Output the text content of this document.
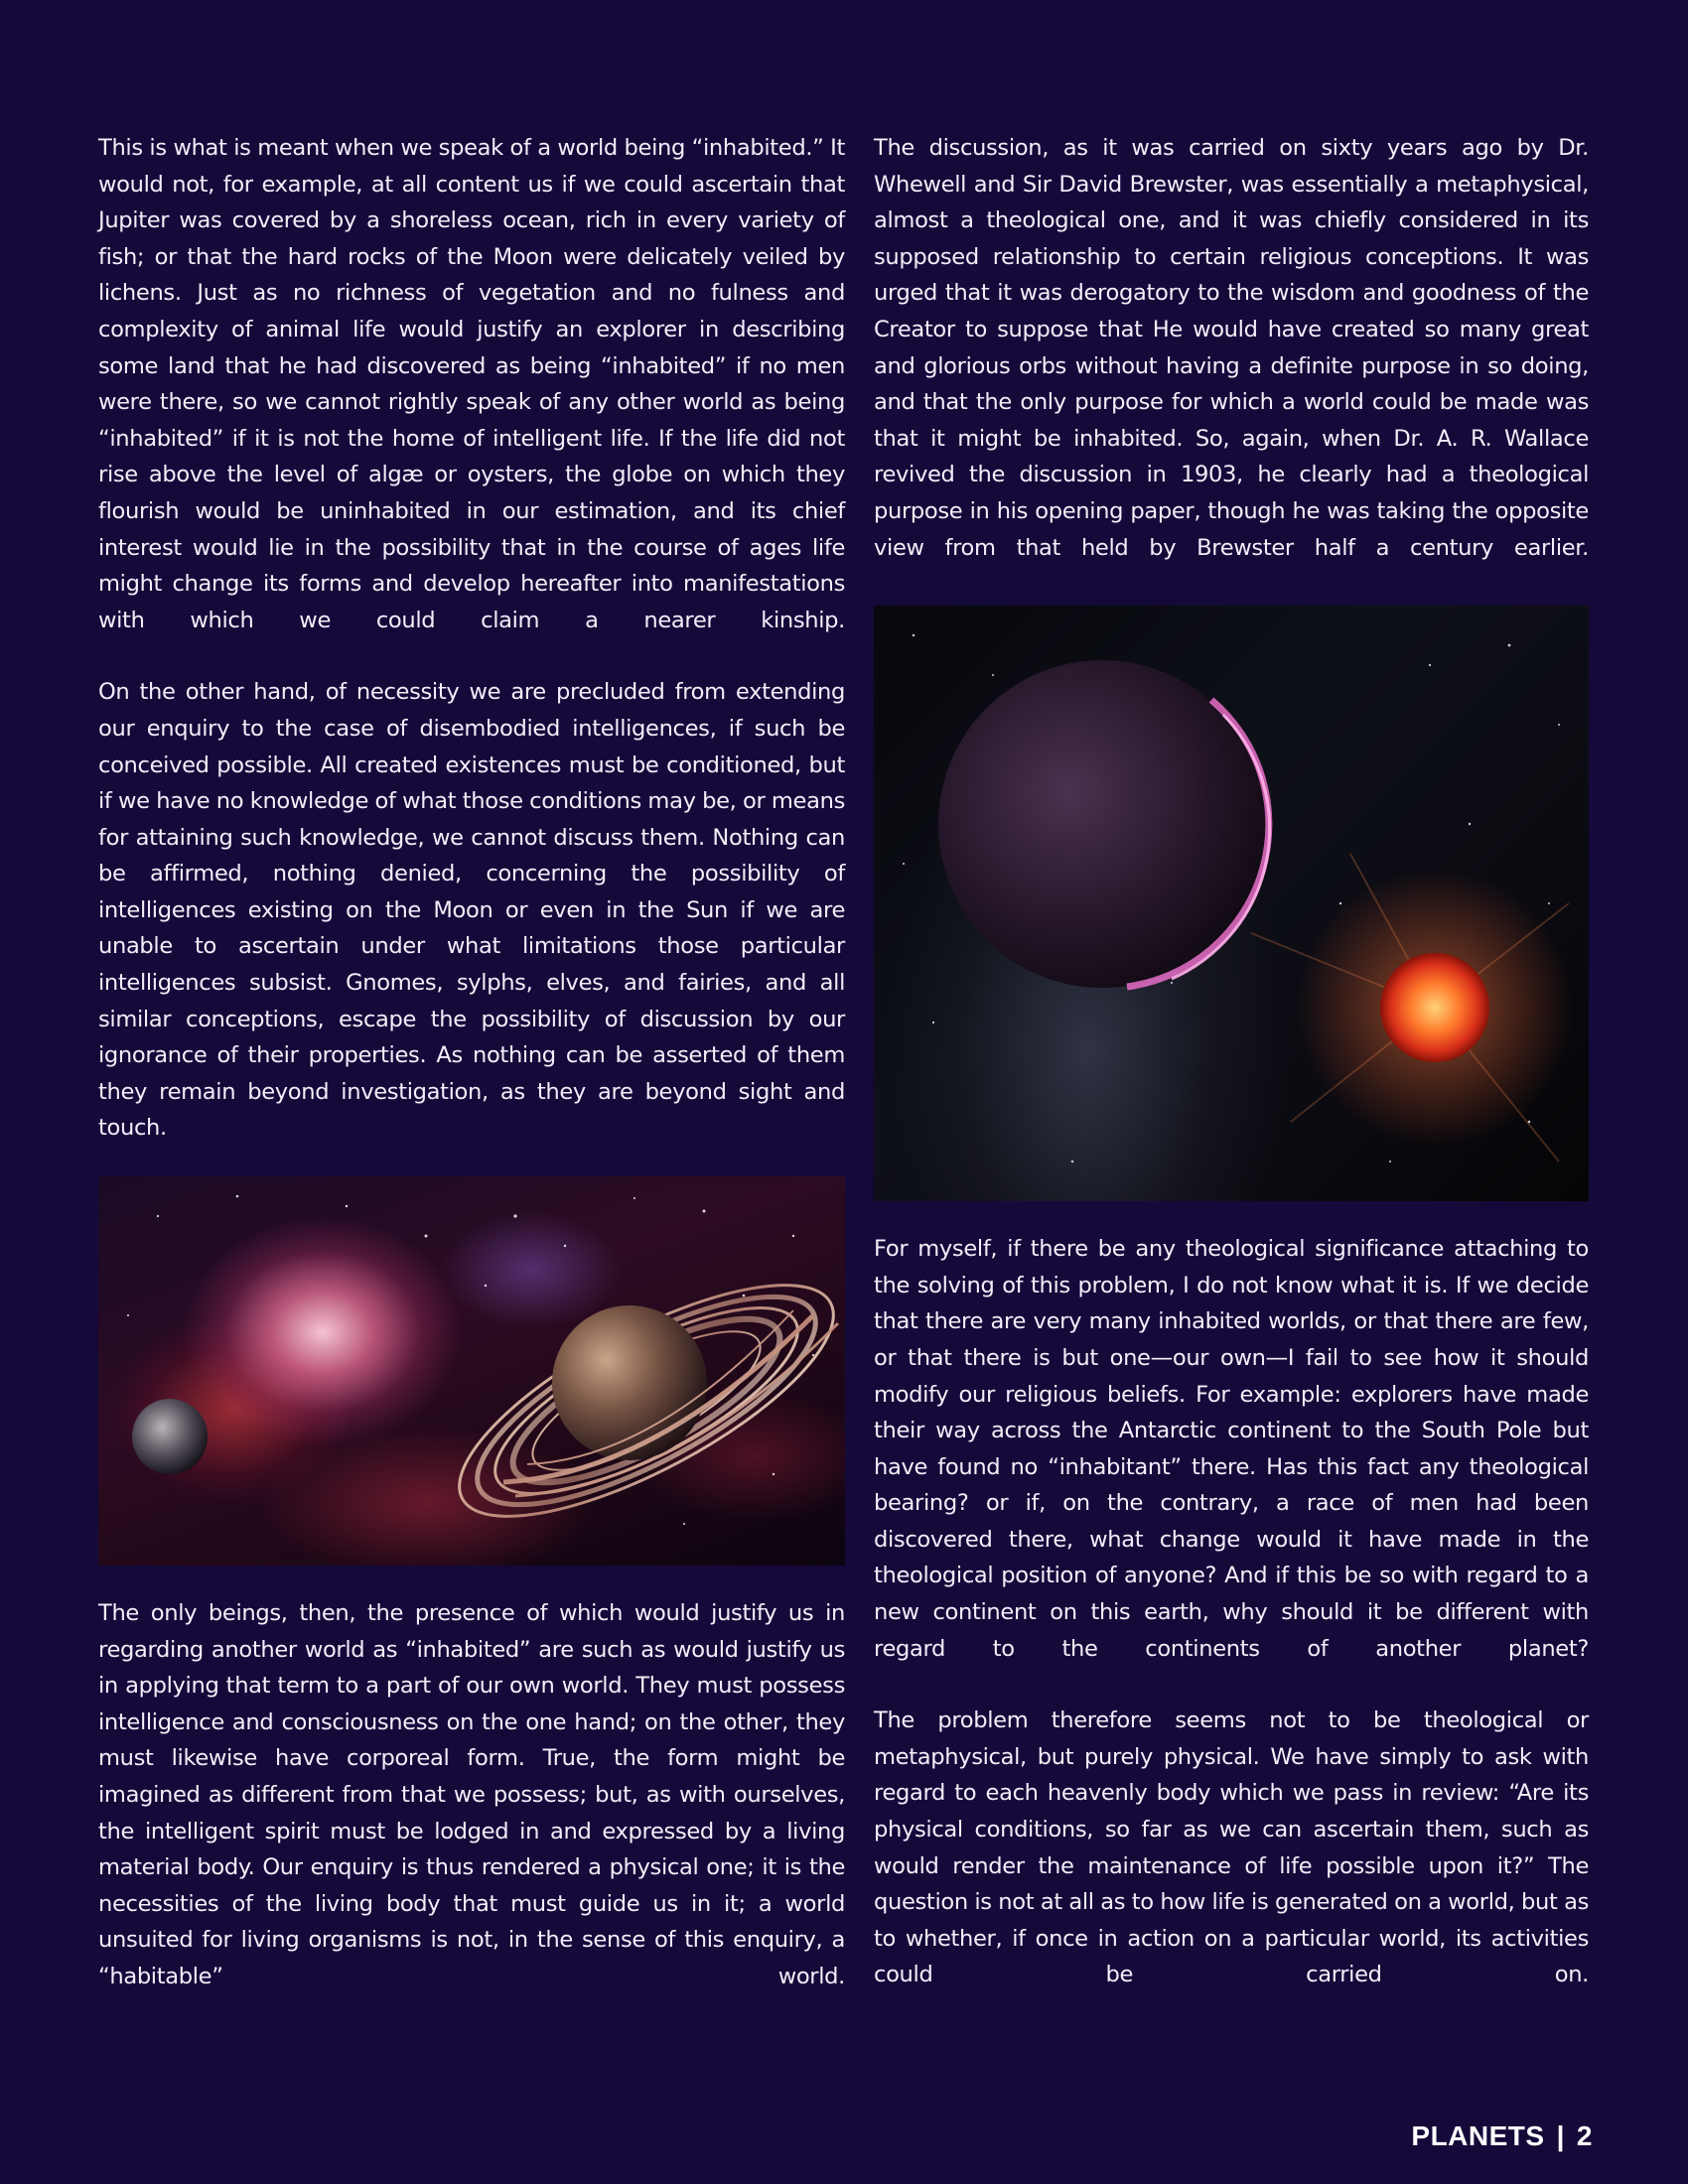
This is what is meant when we speak of a world being “inhabited.” It would not, for example, at all content us if we could ascertain that Jupiter was covered by a shoreless ocean, rich in every variety of fish; or that the hard rocks of the Moon were delicately veiled by lichens. Just as no richness of vegetation and no fulness and complexity of animal life would justify an explorer in describing some land that he had discovered as being “inhabited” if no men were there, so we cannot rightly speak of any other world as being “inhabited” if it is not the home of intelligent life. If the life did not rise above the level of algæ or oysters, the globe on which they flourish would be uninhabited in our estimation, and its chief interest would lie in the possibility that in the course of ages life might change its forms and develop hereafter into manifestations with which we could claim a nearer kinship.

On the other hand, of necessity we are precluded from extending our enquiry to the case of disembodied intelligences, if such be conceived possible. All created existences must be conditioned, but if we have no knowledge of what those conditions may be, or means for attaining such knowledge, we cannot discuss them. Nothing can be affirmed, nothing denied, concerning the possibility of intelligences existing on the Moon or even in the Sun if we are unable to ascertain under what limitations those particular intelligences subsist. Gnomes, sylphs, elves, and fairies, and all similar conceptions, escape the possibility of discussion by our ignorance of their properties. As nothing can be asserted of them they remain beyond investigation, as they are beyond sight and touch.

The only beings, then, the presence of which would justify us in regarding another world as “inhabited” are such as would justify us in applying that term to a part of our own world. They must possess intelligence and consciousness on the one hand; on the other, they must likewise have corporeal form. True, the form might be imagined as different from that we possess; but, as with ourselves, the intelligent spirit must be lodged in and expressed by a living material body. Our enquiry is thus rendered a physical one; it is the necessities of the living body that must guide us in it; a world unsuited for living organisms is not, in the sense of this enquiry, a “habitable” world.

The discussion, as it was carried on sixty years ago by Dr. Whewell and Sir David Brewster, was essentially a metaphysical, almost a theological one, and it was chiefly considered in its supposed relationship to certain religious conceptions. It was urged that it was derogatory to the wisdom and goodness of the Creator to suppose that He would have created so many great and glorious orbs without having a definite purpose in so doing, and that the only purpose for which a world could be made was that it might be inhabited. So, again, when Dr. A. R. Wallace revived the discussion in 1903, he clearly had a theological purpose in his opening paper, though he was taking the opposite view from that held by Brewster half a century earlier.

For myself, if there be any theological significance attaching to the solving of this problem, I do not know what it is. If we decide that there are very many inhabited worlds, or that there are few, or that there is but one—our own—I fail to see how it should modify our religious beliefs. For example: explorers have made their way across the Antarctic continent to the South Pole but have found no “inhabitant” there. Has this fact any theological bearing? or if, on the contrary, a race of men had been discovered there, what change would it have made in the theological position of anyone? And if this be so with regard to a new continent on this earth, why should it be different with regard to the continents of another planet?

The problem therefore seems not to be theological or metaphysical, but purely physical. We have simply to ask with regard to each heavenly body which we pass in review: “Are its physical conditions, so far as we can ascertain them, such as would render the maintenance of life possible upon it?” The question is not at all as to how life is generated on a world, but as to whether, if once in action on a particular world, its activities could be carried on.

PLANETS | 2
